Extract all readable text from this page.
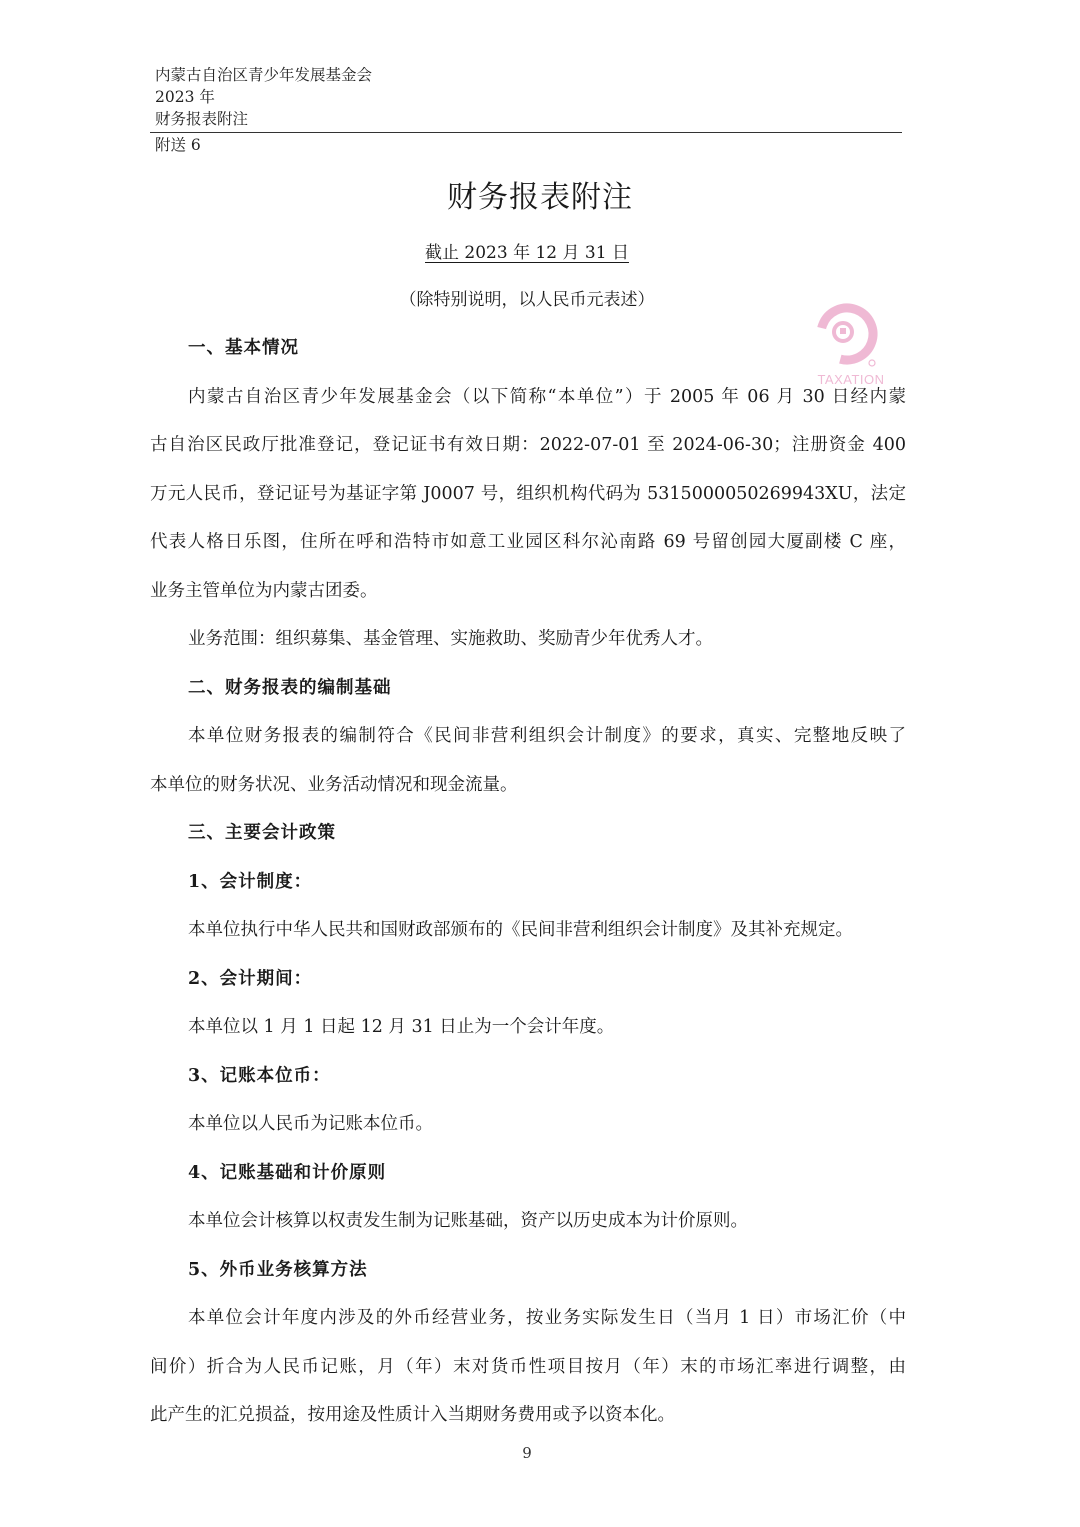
内蒙古自治区青少年发展基金会
2023 年
财务报表附注
附送 6
财务报表附注
截止 2023 年 12 月 31 日
（除特别说明，以人民币元表述）
TAXATION
一、基本情况
内蒙古自治区青少年发展基金会（以下简称“本单位”）于 2005 年 06 月 30 日经内蒙
古自治区民政厅批准登记，登记证书有效日期：2022-07-01 至 2024-06-30；注册资金 400
万元人民币，登记证号为基证字第 J0007 号，组织机构代码为 5315000050269943XU，法定
代表人格日乐图，住所在呼和浩特市如意工业园区科尔沁南路 69 号留创园大厦副楼 C 座，
业务主管单位为内蒙古团委。
业务范围：组织募集、基金管理、实施救助、奖励青少年优秀人才。
二、财务报表的编制基础
本单位财务报表的编制符合《民间非营利组织会计制度》的要求，真实、完整地反映了
本单位的财务状况、业务活动情况和现金流量。
三、主要会计政策
1、会计制度：
本单位执行中华人民共和国财政部颁布的《民间非营利组织会计制度》及其补充规定。
2、会计期间：
本单位以 1 月 1 日起 12 月 31 日止为一个会计年度。
3、记账本位币：
本单位以人民币为记账本位币。
4、记账基础和计价原则
本单位会计核算以权责发生制为记账基础，资产以历史成本为计价原则。
5、外币业务核算方法
本单位会计年度内涉及的外币经营业务，按业务实际发生日（当月 1 日）市场汇价（中
间价）折合为人民币记账，月（年）末对货币性项目按月（年）末的市场汇率进行调整，由
此产生的汇兑损益，按用途及性质计入当期财务费用或予以资本化。
9
